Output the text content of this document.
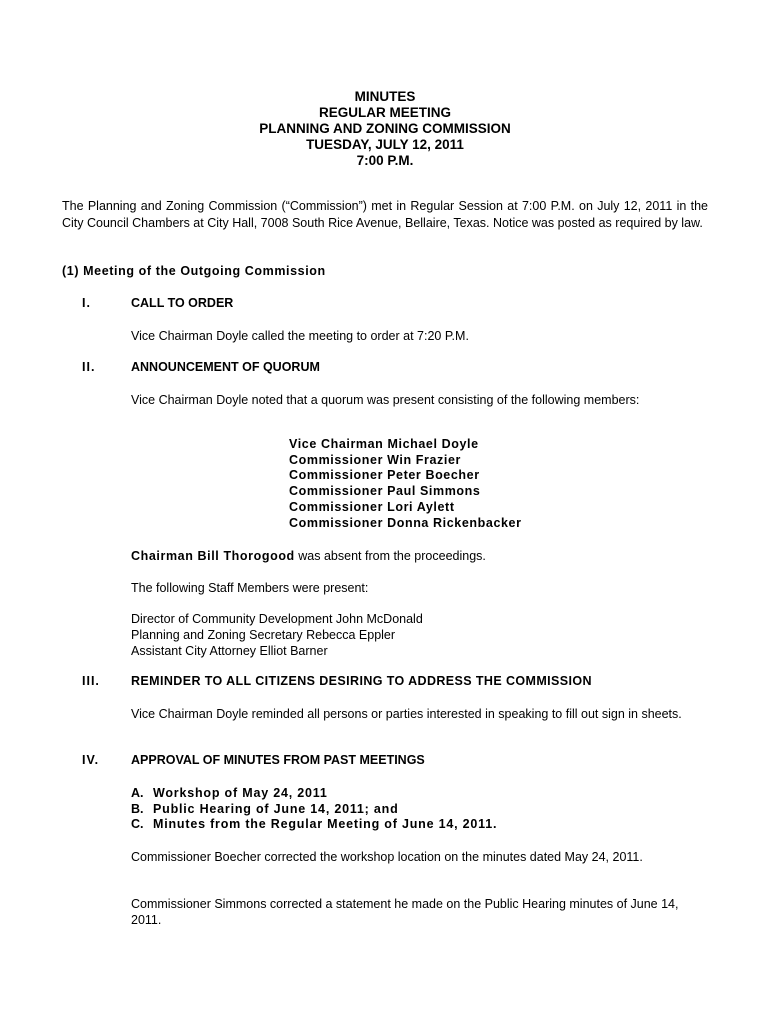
MINUTES
REGULAR MEETING
PLANNING AND ZONING COMMISSION
TUESDAY, JULY 12, 2011
7:00 P.M.
The Planning and Zoning Commission (“Commission”) met in Regular Session at 7:00 P.M. on July 12, 2011 in the City Council Chambers at City Hall, 7008 South Rice Avenue, Bellaire, Texas. Notice was posted as required by law.
(1) Meeting of the Outgoing Commission
I.	CALL TO ORDER
Vice Chairman Doyle called the meeting to order at 7:20 P.M.
II.	ANNOUNCEMENT OF QUORUM
Vice Chairman Doyle noted that a quorum was present consisting of the following members:
Vice Chairman Michael Doyle
Commissioner Win Frazier
Commissioner Peter Boecher
Commissioner Paul Simmons
Commissioner Lori Aylett
Commissioner Donna Rickenbacker
Chairman Bill Thorogood was absent from the proceedings.
The following Staff Members were present:
Director of Community Development John McDonald
Planning and Zoning Secretary Rebecca Eppler
Assistant City Attorney Elliot Barner
III. REMINDER TO ALL CITIZENS DESIRING TO ADDRESS THE COMMISSION
Vice Chairman Doyle reminded all persons or parties interested in speaking to fill out sign in sheets.
IV.	APPROVAL OF MINUTES FROM PAST MEETINGS
A. Workshop of May 24, 2011
B. Public Hearing of June 14, 2011; and
C. Minutes from the Regular Meeting of June 14, 2011.
Commissioner Boecher corrected the workshop location on the minutes dated May 24, 2011.
Commissioner Simmons corrected a statement he made on the Public Hearing minutes of June 14, 2011.
